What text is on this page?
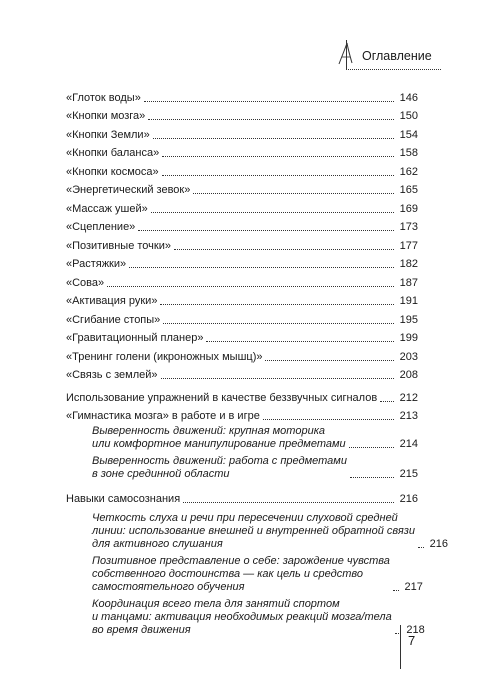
Оглавление
«Глоток воды»	146
«Кнопки мозга»	150
«Кнопки Земли»	154
«Кнопки баланса»	158
«Кнопки космоса»	162
«Энергетический зевок»	165
«Массаж ушей»	169
«Сцепление»	173
«Позитивные точки»	177
«Растяжки»	182
«Сова»	187
«Активация руки»	191
«Сгибание стопы»	195
«Гравитационный планер»	199
«Тренинг голени (икроножных мышц)»	203
«Связь с землей»	208
Использование упражнений в качестве беззвучных сигналов 212
«Гимнастика мозга» в работе и в игре	213
Выверенность движений: крупная моторика
или комфортное манипулирование предметами	214
Выверенность движений: работа с предметами
в зоне срединной области	215
Навыки самосознания	216
Четкость слуха и речи при пересечении слуховой средней
линии: использование внешней и внутренней обратной связи
для активного слушания	216
Позитивное представление о себе: зарождение чувства
собственного достоинства — как цель и средство
самостоятельного обучения	217
Координация всего тела для занятий спортом
и танцами: активация необходимых реакций мозга/тела
во время движения	218
7
